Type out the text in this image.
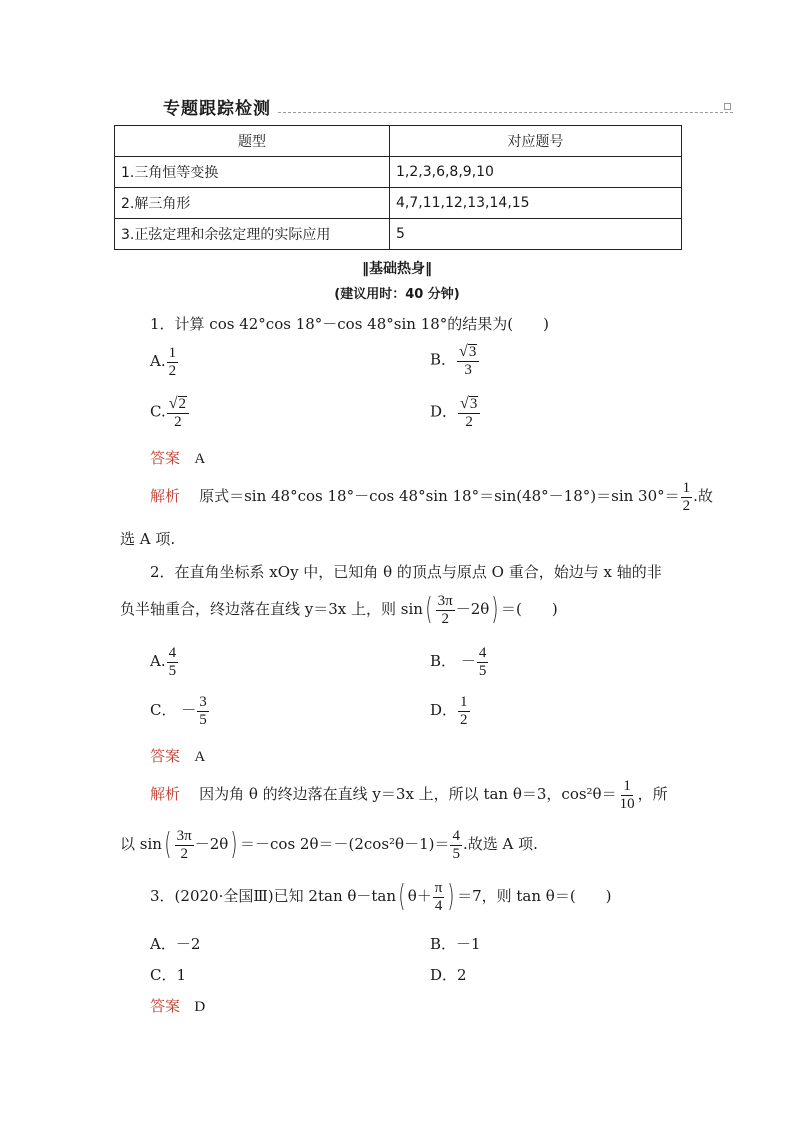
专题跟踪检测
题型	对应题号
1.三角恒等变换	1,2,3,6,8,9,10
2.解三角形	4,7,11,12,13,14,15
3.正弦定理和余弦定理的实际应用	5
‖基础热身‖
(建议用时：40 分钟)
1．计算 cos 42°cos 18°－cos 48°sin 18°的结果为(　　)
A. $\frac{1}{2}$	B． $\frac{√ 3}{3}$
C. $\frac{√ 2}{2}$	D． $\frac{√ 3}{2}$
答案 A
解析 原式＝sin 48°cos 18°－cos 48°sin 18°＝sin(48°－18°)＝sin $30^\circ= \frac{1}{2}$ .故
选 A 项.
2．在直角坐标系 xOy 中，已知角 θ 的顶点与原点 O 重合，始边与 x 轴的非
负半轴重合，终边落在直线 y＝3x 上，则 $\sin( \frac{3\pi}{2} -2\theta)$ ＝(　　)
A. $\frac{4}{5}$	B． － $\frac{4}{5}$
C． － $\frac{3}{5}$	D． $\frac{1}{2}$
答案 A
解析 因为角 θ 的终边落在直线 y＝3x 上，所以 tan θ＝3，$\cos^2\theta= \frac{1}{10}$ ，所
以 $\sin( \frac{3\pi}{2} -2\theta) =-\cos$ $2\theta=-(2\cos^2\theta-1)= \frac{4}{5}$ .故选 A 项.
3．(2020·全国Ⅲ)已知 2tan θ－tan( $\theta+ \frac{\pi}{4}$ ) ＝7，则 tan θ＝(　　)
A．－2	B．－1
C．1	D．2
答案 D
